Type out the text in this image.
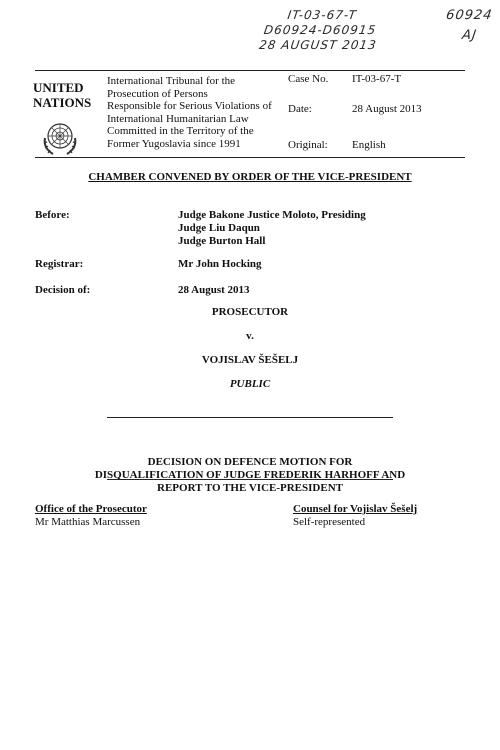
IT-03-67-T
D60924-D60915
28 AUGUST 2013
60924
AJ
UNITED
NATIONS
International Tribunal for the
Prosecution of Persons
Responsible for Serious Violations of
International Humanitarian Law
Committed in the Territory of the
Former Yugoslavia since 1991
Case No.	IT-03-67-T
Date:	28 August 2013
Original:	English
CHAMBER CONVENED BY ORDER OF THE VICE-PRESIDENT
Before:	Judge Bakone Justice Moloto, Presiding
Judge Liu Daqun
Judge Burton Hall
Registrar:	Mr John Hocking
Decision of:	28 August 2013
PROSECUTOR
v.
VOJISLAV ŠEŠELJ
PUBLIC
DECISION ON DEFENCE MOTION FOR
DISQUALIFICATION OF JUDGE FREDERIK HARHOFF AND
REPORT TO THE VICE-PRESIDENT
Office of the Prosecutor
Mr Matthias Marcussen
Counsel for Vojislav Šešelj
Self-represented
